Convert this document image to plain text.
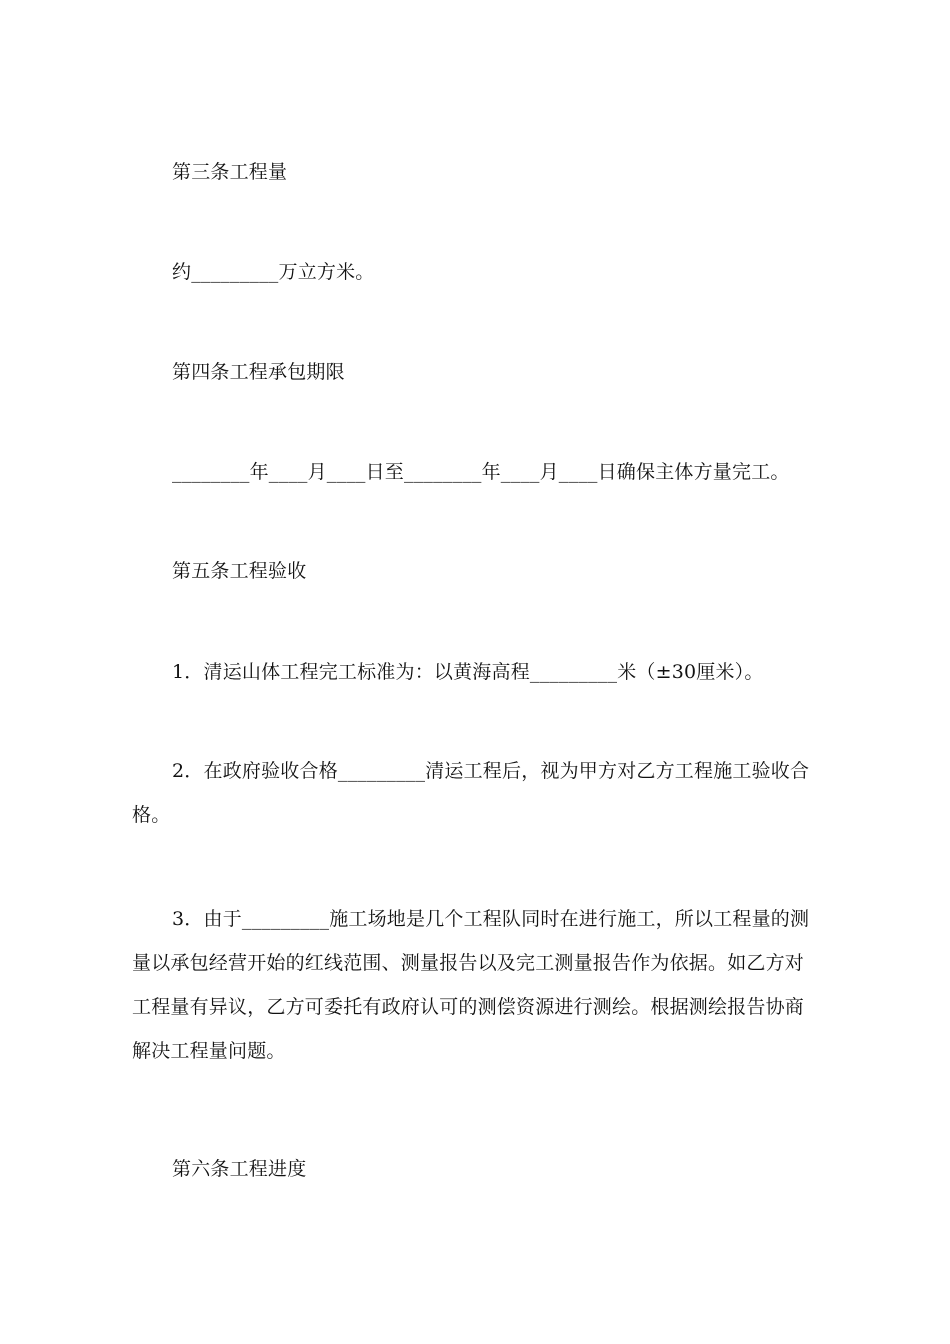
第三条工程量

约_________万立方米。

第四条工程承包期限

________年____月____日至________年____月____日确保主体方量完工。

第五条工程验收

1．清运山体工程完工标准为：以黄海高程_________米（±30厘米）。

2．在政府验收合格_________清运工程后，视为甲方对乙方工程施工验收合格。

3．由于_________施工场地是几个工程队同时在进行施工，所以工程量的测量以承包经营开始的红线范围、测量报告以及完工测量报告作为依据。如乙方对工程量有异议，乙方可委托有政府认可的测偿资源进行测绘。根据测绘报告协商解决工程量问题。

第六条工程进度
